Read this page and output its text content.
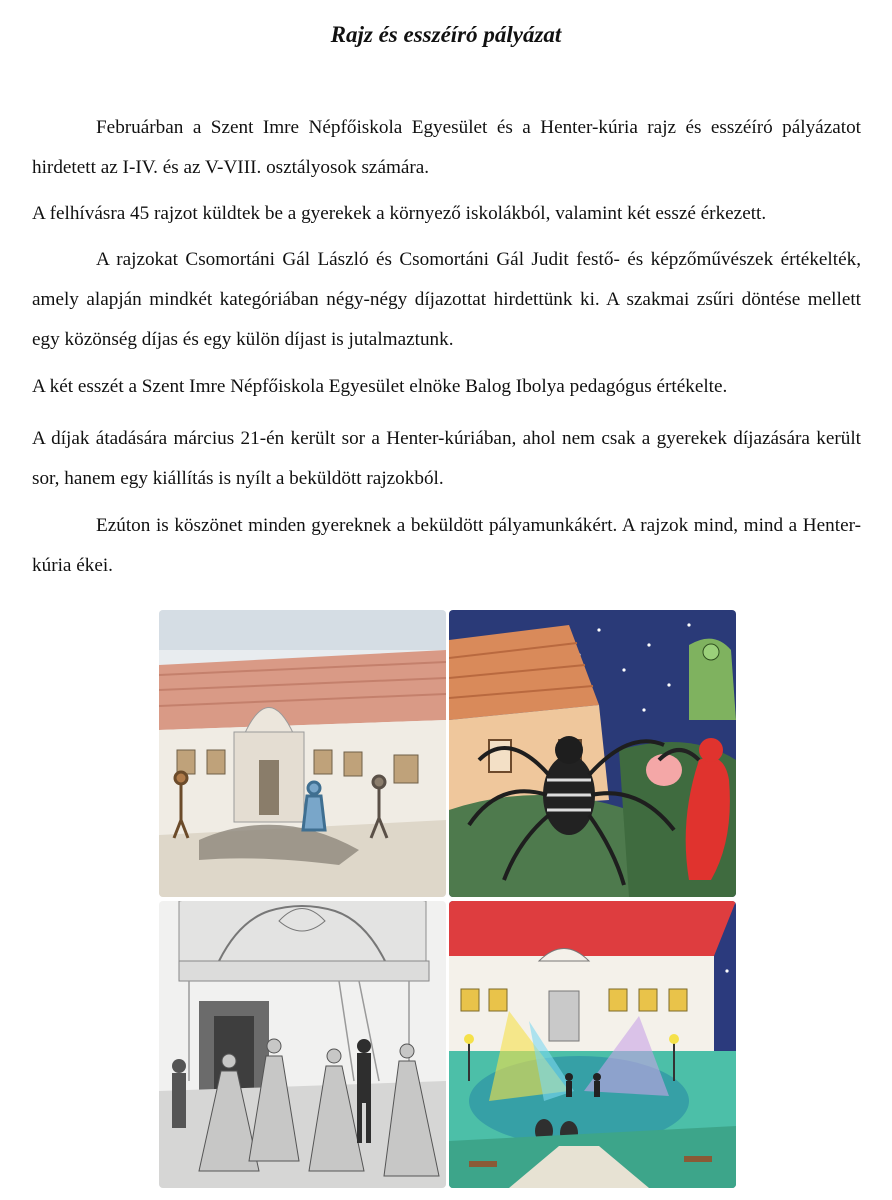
Rajz és esszéíró pályázat

Februárban a Szent Imre Népfőiskola Egyesület és a Henter-kúria rajz és esszéíró pályázatot hirdetett az I-IV. és az V-VIII. osztályosok számára.

A felhívásra 45 rajzot küldtek be a gyerekek a környező iskolákból, valamint két esszé érkezett.

A rajzokat Csomortáni Gál László és Csomortáni Gál Judit festő- és képzőművészek értékelték, amely alapján mindkét kategóriában négy-négy díjazottat hirdettünk ki. A szakmai zsűri döntése mellett egy közönség díjas és egy külön díjast is jutalmaztunk.

A két esszét a Szent Imre Népfőiskola Egyesület elnöke Balog Ibolya pedagógus értékelte.

A díjak átadására március 21-én került sor a Henter-kúriában, ahol nem csak a gyerekek díjazására került sor, hanem egy kiállítás is nyílt a beküldött rajzokból.

Ezúton is köszönet minden gyereknek a beküldött pályamunkákért. A rajzok mind, mind a Henter-kúria ékei.
